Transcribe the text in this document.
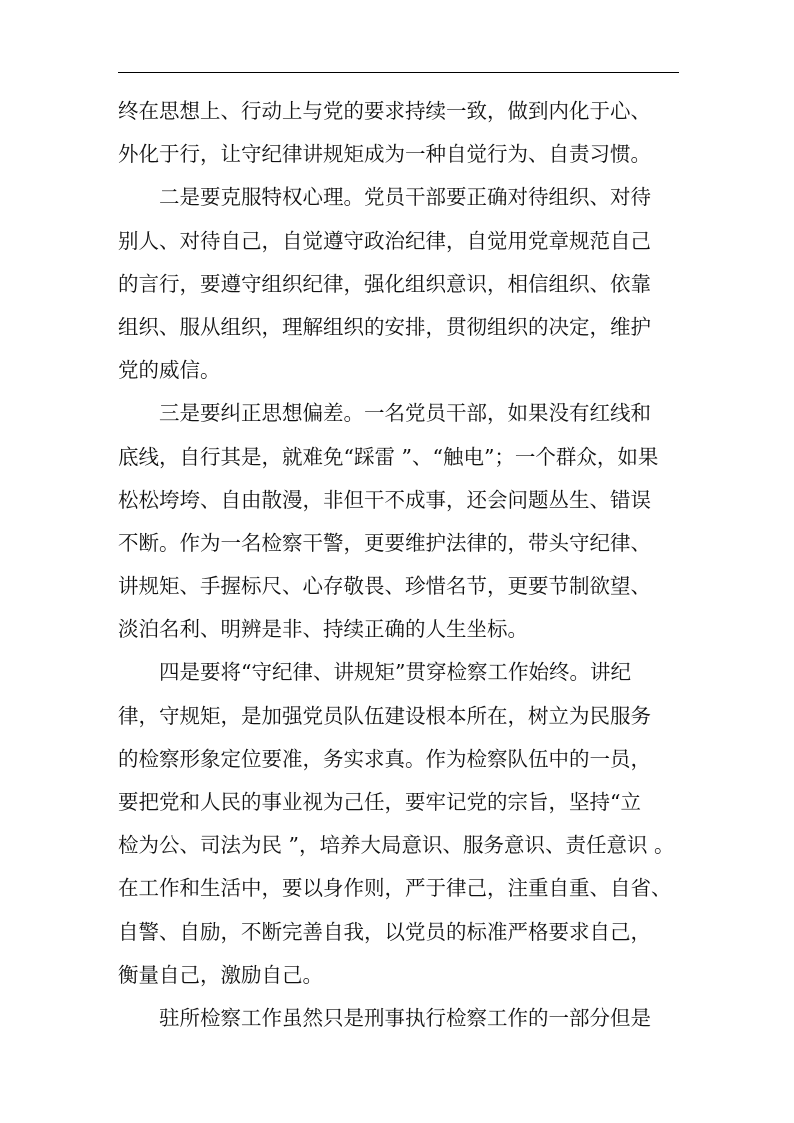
终在思想上、行动上与党的要求持续一致，做到内化于心、
外化于行，让守纪律讲规矩成为一种自觉行为、自责习惯。
二是要克服特权心理。党员干部要正确对待组织、对待
别人、对待自己，自觉遵守政治纪律，自觉用党章规范自己
的言行，要遵守组织纪律，强化组织意识，相信组织、依靠
组织、服从组织，理解组织的安排，贯彻组织的决定，维护
党的威信。
三是要纠正思想偏差。一名党员干部，如果没有红线和
底线，自行其是，就难免“踩雷 ”、“触电”；一个群众，如果
松松垮垮、自由散漫，非但干不成事，还会问题丛生、错误
不断。作为一名检察干警，更要维护法律的，带头守纪律、
讲规矩、手握标尺、心存敬畏、珍惜名节，更要节制欲望、
淡泊名利、明辨是非、持续正确的人生坐标。
四是要将“守纪律、讲规矩”贯穿检察工作始终。讲纪
律，守规矩，是加强党员队伍建设根本所在，树立为民服务
的检察形象定位要准，务实求真。作为检察队伍中的一员，
要把党和人民的事业视为己任，要牢记党的宗旨，坚持“立
检为公、司法为民 ”，培养大局意识、服务意识、责任意识 。
在工作和生活中，要以身作则，严于律己，注重自重、自省、
自警、自励，不断完善自我，以党员的标准严格要求自己，
衡量自己，激励自己。
驻所检察工作虽然只是刑事执行检察工作的一部分但是
